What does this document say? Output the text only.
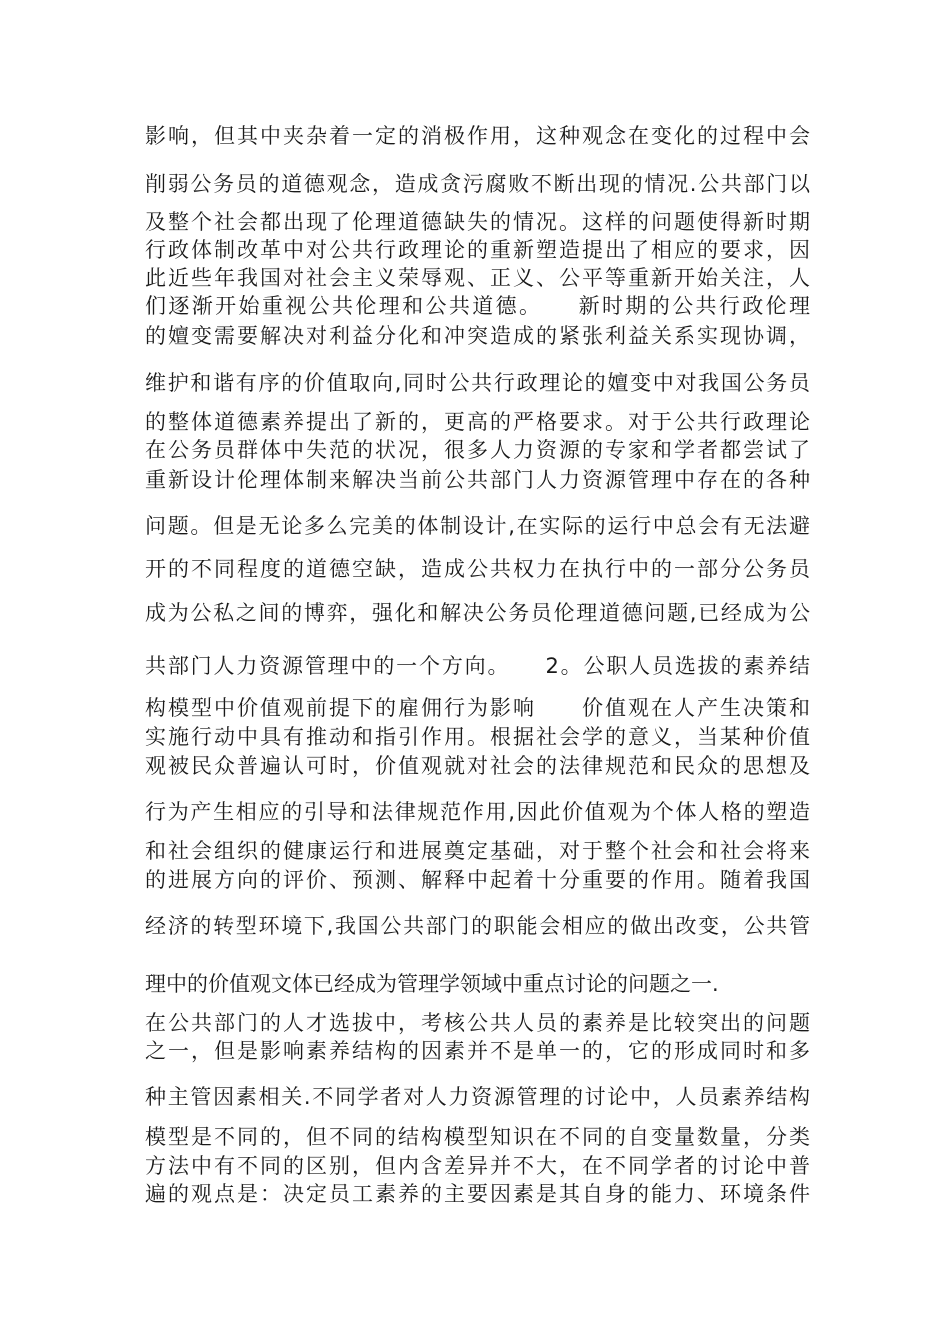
影响，但其中夹杂着一定的消极作用，这种观念在变化的过程中会
削弱公务员的道德观念，造成贪污腐败不断出现的情况.公共部门以
及整个社会都出现了伦理道德缺失的情况。这样的问题使得新时期
行政体制改革中对公共行政理论的重新塑造提出了相应的要求，因
此近些年我国对社会主义荣辱观、正义、公平等重新开始关注，人
们逐渐开始重视公共伦理和公共道德。　　新时期的公共行政伦理
的嬗变需要解决对利益分化和冲突造成的紧张利益关系实现协调，
维护和谐有序的价值取向,同时公共行政理论的嬗变中对我国公务员
的整体道德素养提出了新的，更高的严格要求。对于公共行政理论
在公务员群体中失范的状况，很多人力资源的专家和学者都尝试了
重新设计伦理体制来解决当前公共部门人力资源管理中存在的各种
问题。但是无论多么完美的体制设计,在实际的运行中总会有无法避
开的不同程度的道德空缺，造成公共权力在执行中的一部分公务员
成为公私之间的博弈，强化和解决公务员伦理道德问题,已经成为公
共部门人力资源管理中的一个方向。　　2。公职人员选拔的素养结
构模型中价值观前提下的雇佣行为影响　　价值观在人产生决策和
实施行动中具有推动和指引作用。根据社会学的意义，当某种价值
观被民众普遍认可时，价值观就对社会的法律规范和民众的思想及
行为产生相应的引导和法律规范作用,因此价值观为个体人格的塑造
和社会组织的健康运行和进展奠定基础，对于整个社会和社会将来
的进展方向的评价、预测、解释中起着十分重要的作用。随着我国
经济的转型环境下,我国公共部门的职能会相应的做出改变，公共管
理中的价值观文体已经成为管理学领域中重点讨论的问题之一.
在公共部门的人才选拔中，考核公共人员的素养是比较突出的问题
之一，但是影响素养结构的因素并不是单一的，它的形成同时和多
种主管因素相关.不同学者对人力资源管理的讨论中，人员素养结构
模型是不同的，但不同的结构模型知识在不同的自变量数量，分类
方法中有不同的区别，但内含差异并不大，在不同学者的讨论中普
遍的观点是：决定员工素养的主要因素是其自身的能力、环境条件
